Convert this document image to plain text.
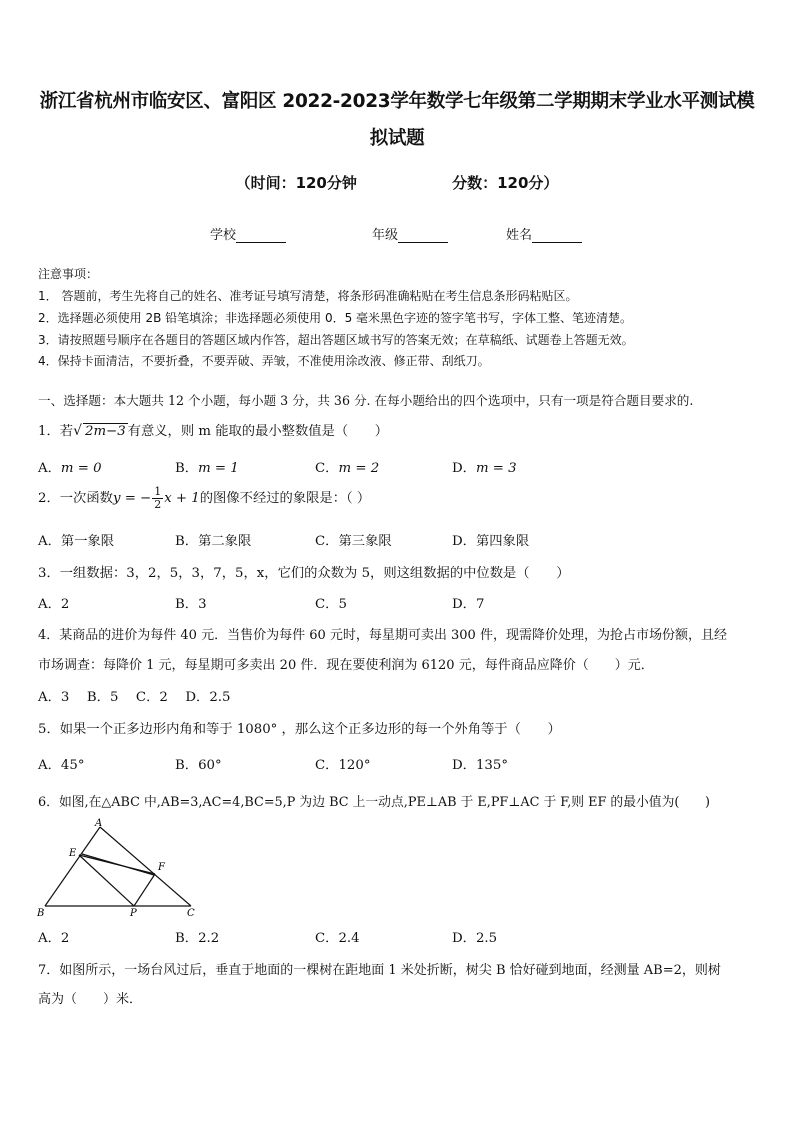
浙江省杭州市临安区、富阳区 2022-2023学年数学七年级第二学期期末学业水平测试模
拟试题
（时间：120分钟	分数：120分）
学校	年级	姓名
注意事项：
1． 答题前，考生先将自己的姓名、准考证号填写清楚，将条形码准确粘贴在考生信息条形码粘贴区。
2．选择题必须使用 2B 铅笔填涂；非选择题必须使用 0．5 毫米黑色字迹的签字笔书写，字体工整、笔迹清楚。
3．请按照题号顺序在各题目的答题区域内作答，超出答题区域书写的答案无效；在草稿纸、试题卷上答题无效。
4．保持卡面清洁，不要折叠，不要弄破、弄皱，不准使用涂改液、修正带、刮纸刀。
一、选择题：本大题共 12 个小题，每小题 3 分，共 36 分. 在每小题给出的四个选项中，只有一项是符合题目要求的.
1．若√ 2m−3 有意义，则 m 能取的最小整数值是（　　）
A．m = 0	B．m = 1	C．m = 2	D．m = 3
2．一次函数y = − $\frac{1}{2}$ x + 1的图像不经过的象限是：（ ）
A．第一象限	B．第二象限	C．第三象限	D．第四象限
3．一组数据：3，2，5，3，7，5，x，它们的众数为 5，则这组数据的中位数是（　　）
A．2	B．3	C．5	D．7
4．某商品的进价为每件 40 元．当售价为每件 60 元时，每星期可卖出 300 件，现需降价处理，为抢占市场份额，且经
市场调查：每降价 1 元，每星期可多卖出 20 件．现在要使利润为 6120 元，每件商品应降价（　　）元．
A．3　 B．5　 C．2　 D．2.5
5．如果一个正多边形内角和等于 1080° ，那么这个正多边形的每一个外角等于（　　）
A．45°	B．60°	C．120°	D．135°
6．如图,在△ABC 中,AB=3,AC=4,BC=5,P 为边 BC 上一动点,PE⊥AB 于 E,PF⊥AC 于 F,则 EF 的最小值为(　　)
A
E
F
B	P	C
A．2	B．2.2	C．2.4	D．2.5
7．如图所示，一场台风过后，垂直于地面的一棵树在距地面 1 米处折断，树尖 B 恰好碰到地面，经测量 AB=2，则树
高为（　　）米．
